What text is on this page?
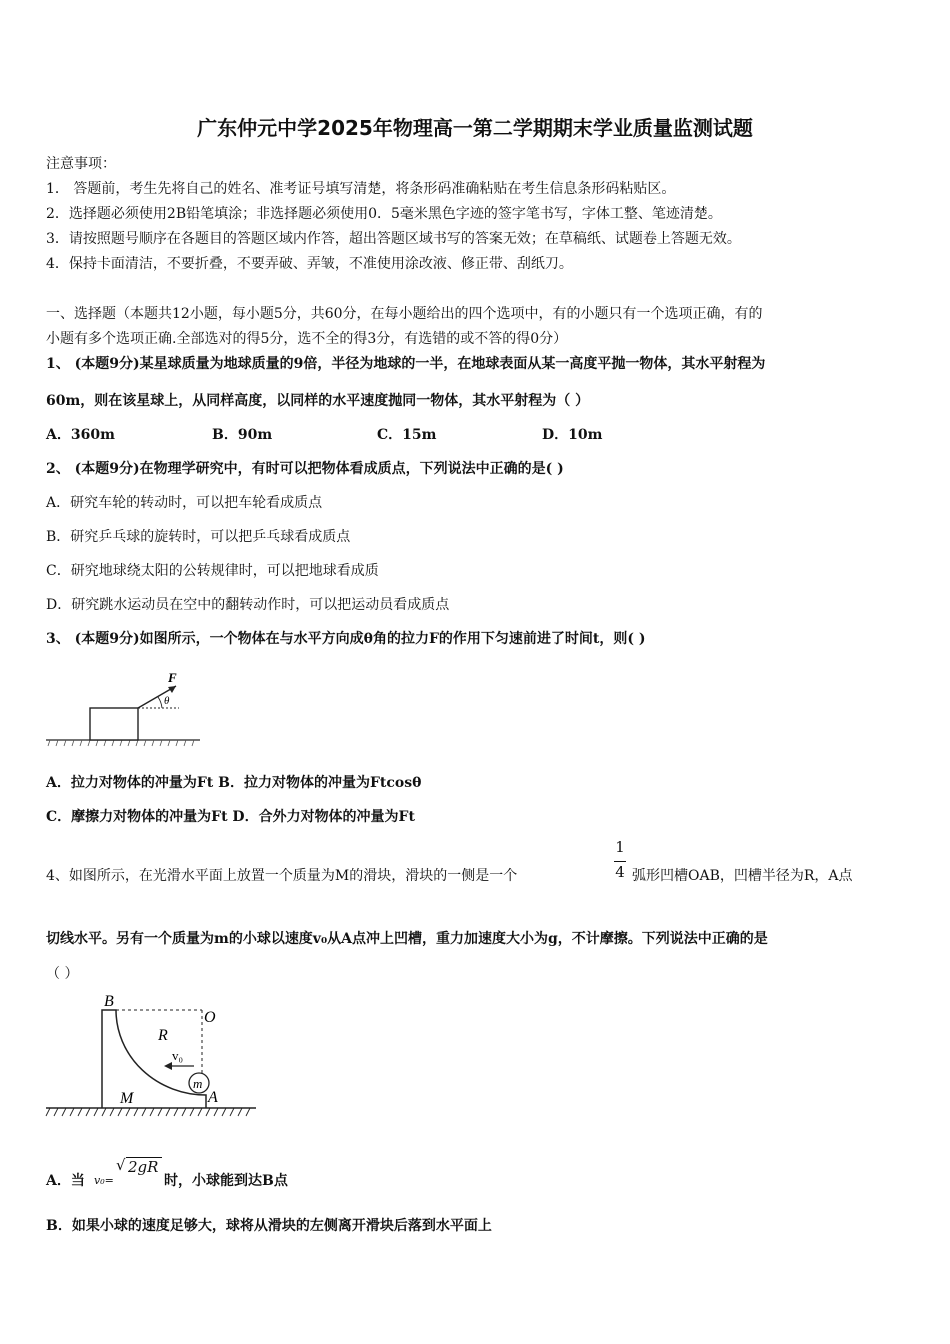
广东仲元中学2025年物理高一第二学期期末学业质量监测试题
注意事项：
1． 答题前，考生先将自己的姓名、准考证号填写清楚，将条形码准确粘贴在考生信息条形码粘贴区。
2．选择题必须使用2B铅笔填涂；非选择题必须使用0．5毫米黑色字迹的签字笔书写，字体工整、笔迹清楚。
3．请按照题号顺序在各题目的答题区域内作答，超出答题区域书写的答案无效；在草稿纸、试题卷上答题无效。
4．保持卡面清洁，不要折叠，不要弄破、弄皱，不准使用涂改液、修正带、刮纸刀。
一、选择题（本题共12小题，每小题5分，共60分，在每小题给出的四个选项中，有的小题只有一个选项正确，有的
小题有多个选项正确.全部选对的得5分，选不全的得3分，有选错的或不答的得0分）
1、 (本题9分)某星球质量为地球质量的9倍，半径为地球的一半，在地球表面从某一高度平抛一物体，其水平射程为
60m，则在该星球上，从同样高度，以同样的水平速度抛同一物体，其水平射程为（ ）
A．360m	B．90m	C．15m	D．10m
2、 (本题9分)在物理学研究中，有时可以把物体看成质点，下列说法中正确的是( )
A．研究车轮的转动时，可以把车轮看成质点
B．研究乒乓球的旋转时，可以把乒乓球看成质点
C．研究地球绕太阳的公转规律时，可以把地球看成质
D．研究跳水运动员在空中的翻转动作时，可以把运动员看成质点
3、 (本题9分)如图所示，一个物体在与水平方向成θ角的拉力F的作用下匀速前进了时间t，则( )
F
θ
A．拉力对物体的冲量为Ft B．拉力对物体的冲量为Ftcosθ
C．摩擦力对物体的冲量为Ft D．合外力对物体的冲量为Ft
4、如图所示，在光滑水平面上放置一个质量为M的滑块，滑块的一侧是一个
1
4 弧形凹槽OAB，凹槽半径为R，A点
切线水平。另有一个质量为m的小球以速度v₀从A点冲上凹槽，重力加速度大小为g，不计摩擦。下列说法中正确的是
（ ）
B
O
R
v₀
m
M	A
A．当 v₀=
√ 2gR
时，小球能到达B点
B．如果小球的速度足够大，球将从滑块的左侧离开滑块后落到水平面上
